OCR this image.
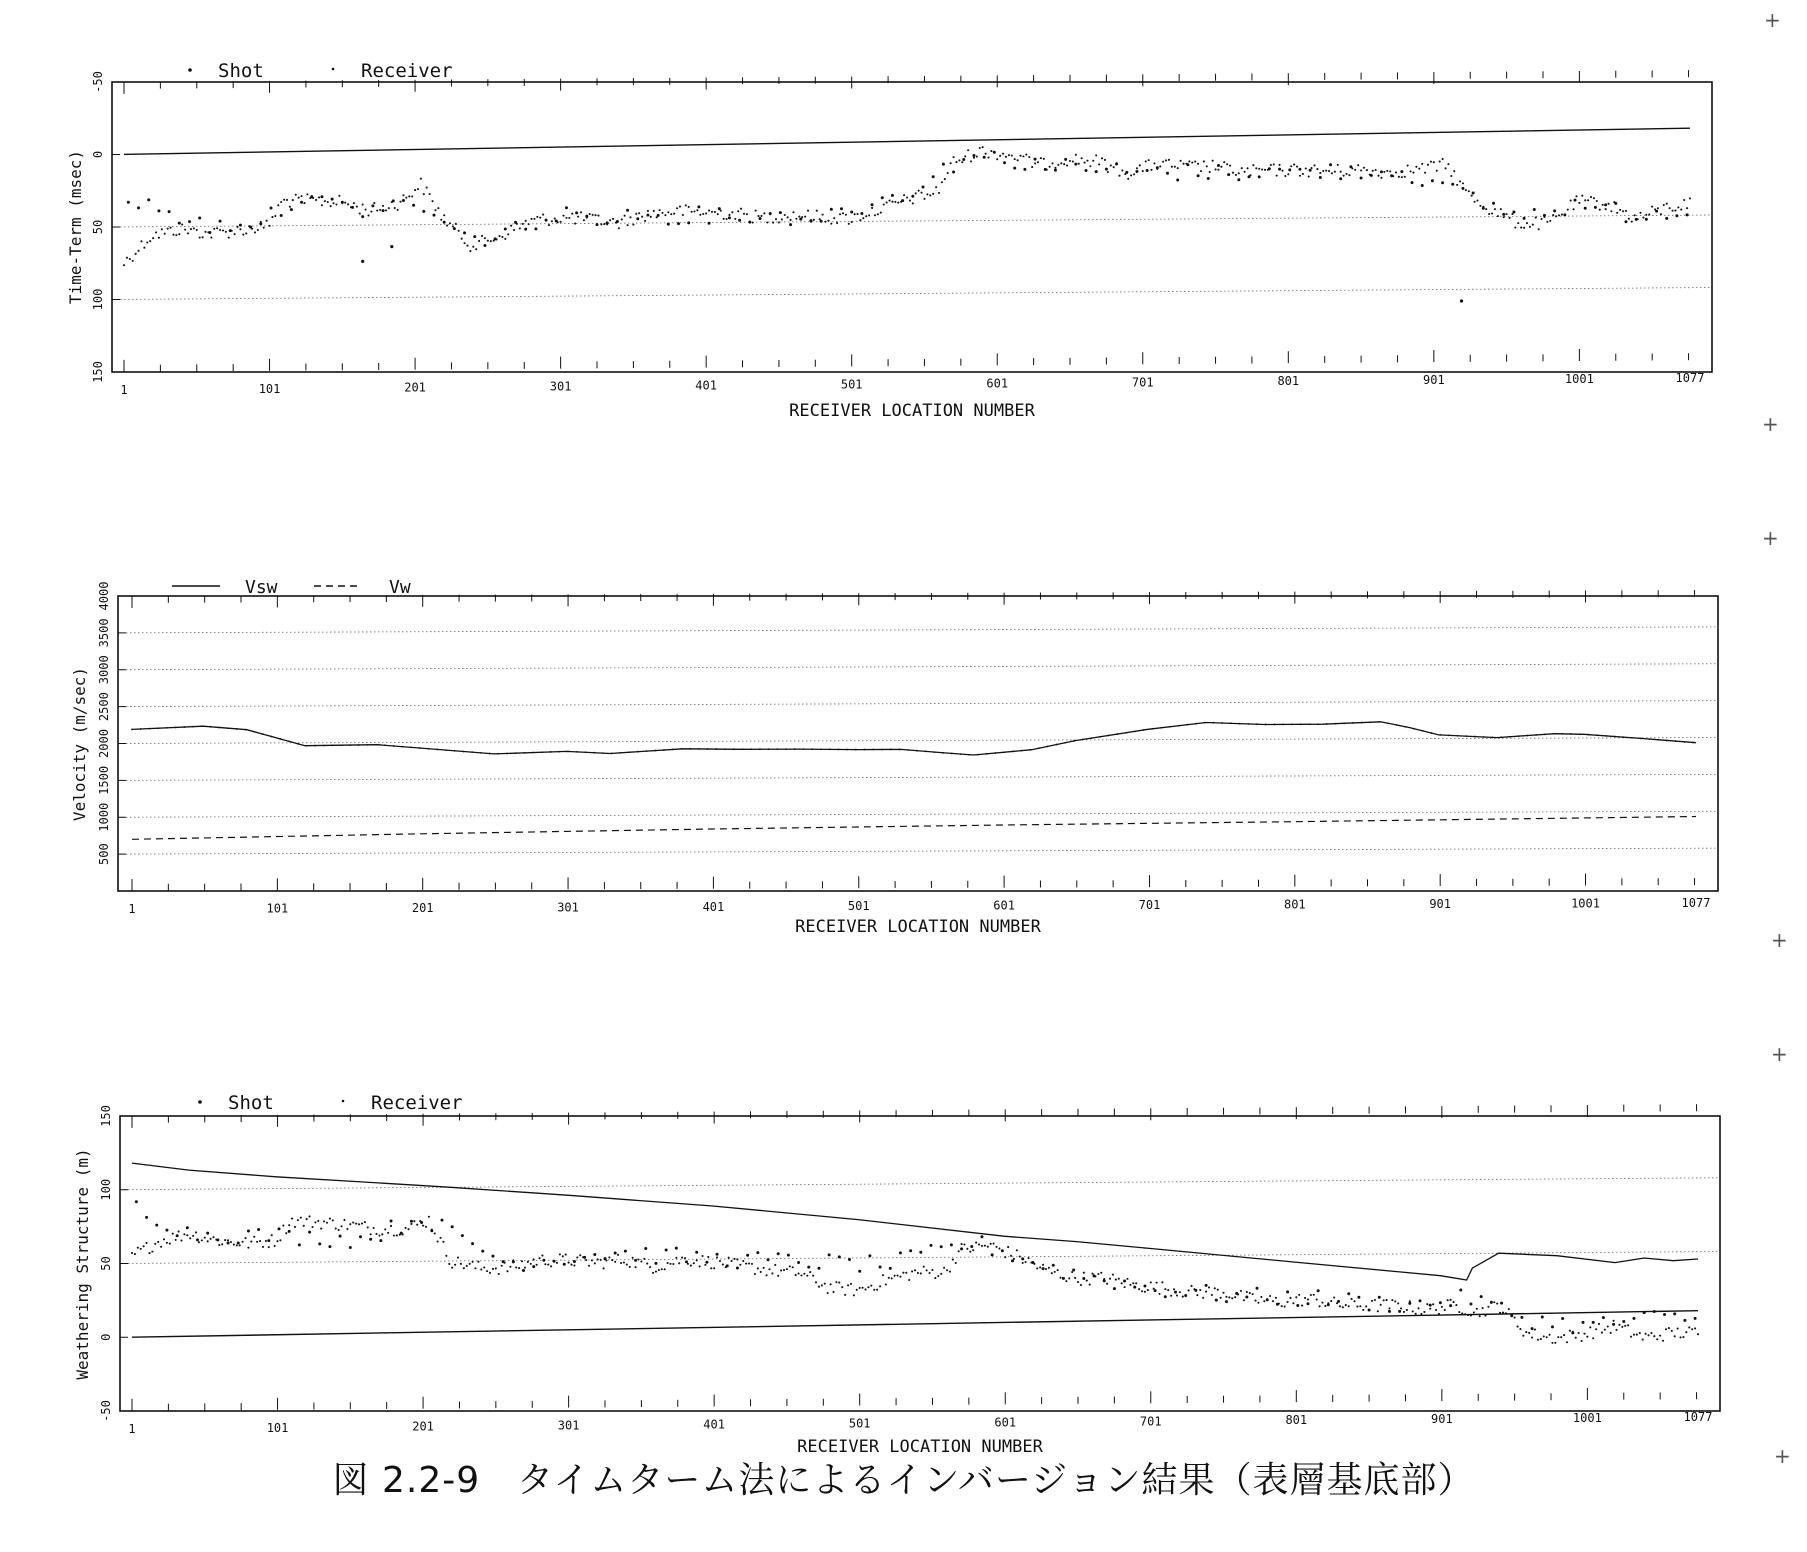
1	101	201	301	401	501	601	701	801	901	1001	1077
-50
0
50
100
150
Shot	Receiver
Time-Term (msec)
RECEIVER LOCATION NUMBER
1	101	201	301	401	501	601	701	801	901	1001	1077
500
1000
1500
2000
2500
3000
3500
4000	Vsw	Vw
Velocity (m/sec)
RECEIVER LOCATION NUMBER
1	101	201	301	401	501	601	701	801	901	1001	1077
-50
0
50
100
150
Shot	Receiver
Weathering Structure (m)
RECEIVER LOCATION NUMBER
図 2.2-9　タイムターム法によるインバージョン結果（表層基底部）
+
+
+
+
+
+
